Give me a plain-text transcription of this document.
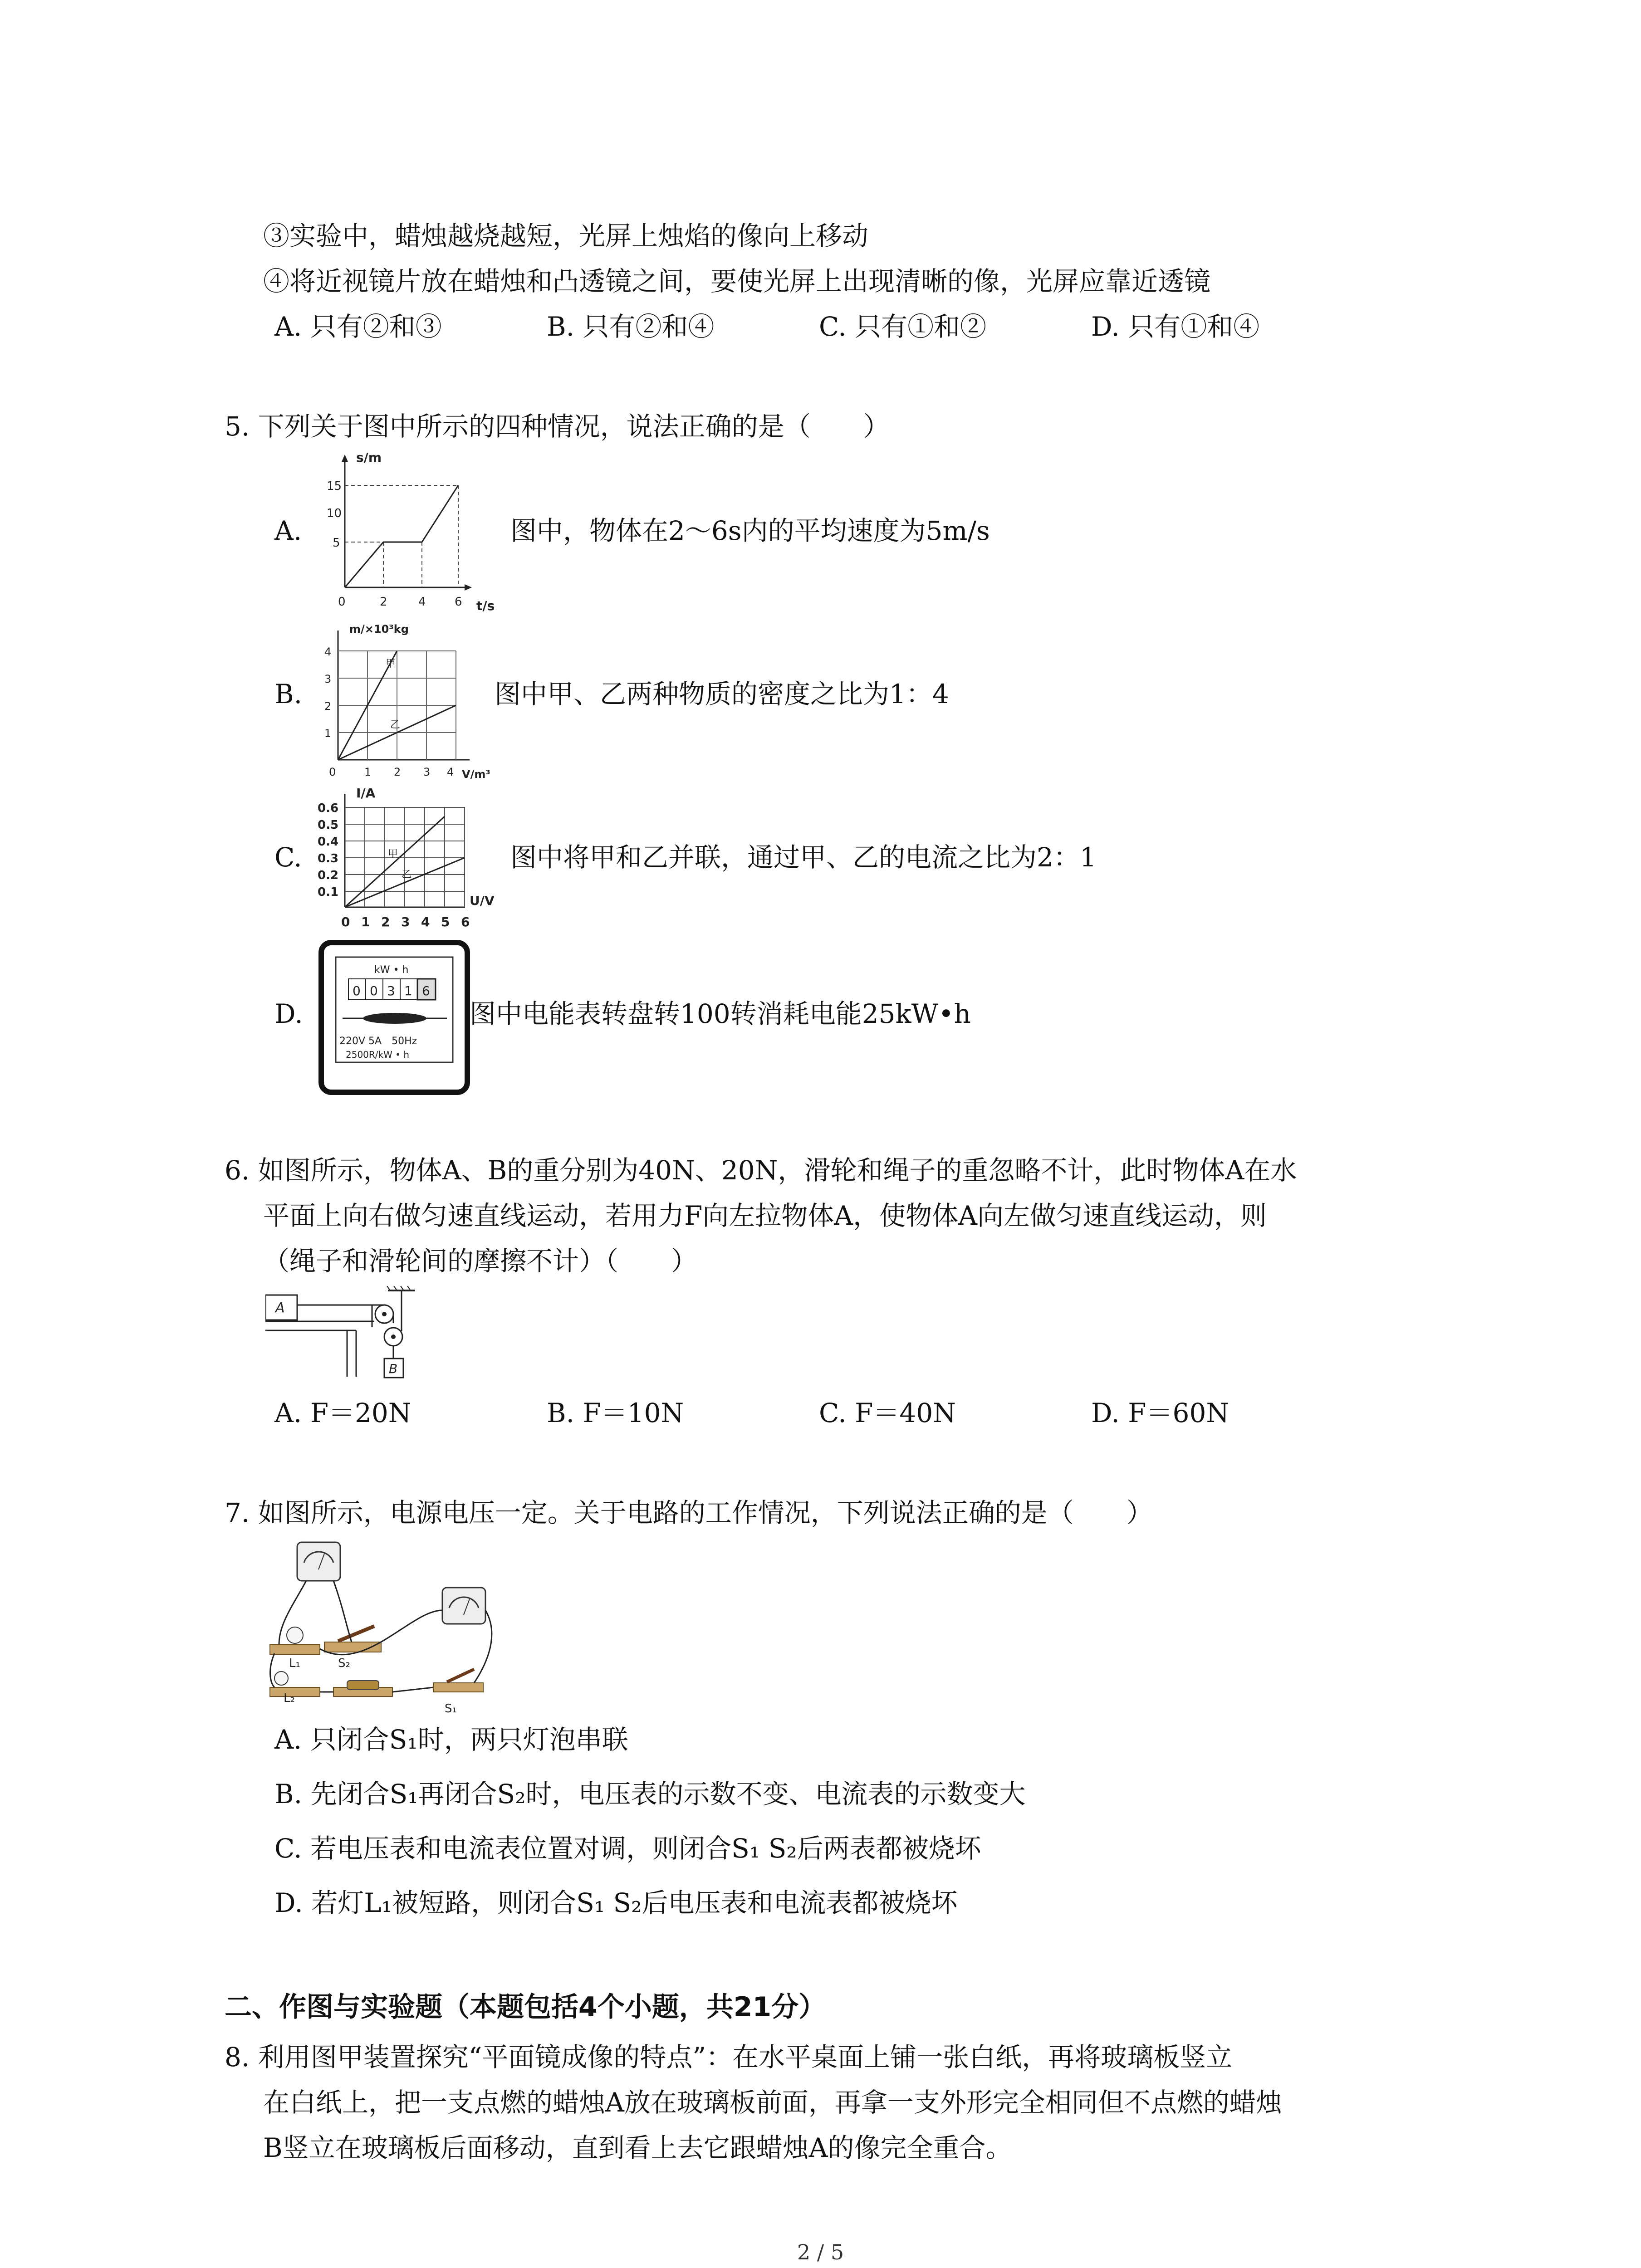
③实验中，蜡烛越烧越短，光屏上烛焰的像向上移动
④将近视镜片放在蜡烛和凸透镜之间，要使光屏上出现清晰的像，光屏应靠近透镜
A. 只有②和③	B. 只有②和④	C. 只有①和②	D. 只有①和④
5. 下列关于图中所示的四种情况，说法正确的是（　　）
A.
s/m
15
10
5
0	2	4 6 t/s
图中，物体在2～6s内的平均速度为5m/s
B.
m/×10³kg
甲
乙
4
3
2
1
0	1 2 3 4 V/m³
图中甲、乙两种物质的密度之比为1：4
C.
I/A
甲
乙
0.6
0.5
0.4
0.3
0.2
0.1
0 1 2 3 4 5 6
U/V
图中将甲和乙并联，通过甲、乙的电流之比为2：1
D.
kW • h
0 0 3 1 6
220V 5A　50Hz
2500R/kW • h
图中电能表转盘转100转消耗电能25kW•h
6. 如图所示，物体A、B的重分别为40N、20N，滑轮和绳子的重忽略不计，此时物体A在水
平面上向右做匀速直线运动，若用力F向左拉物体A，使物体A向左做匀速直线运动，则
（绳子和滑轮间的摩擦不计）（　　）
A
B
A. F＝20N	B. F＝10N	C. F＝40N	D. F＝60N
7. 如图所示，电源电压一定。关于电路的工作情况，下列说法正确的是（　　）
L₁	S₂
L₂
S₁
A. 只闭合S₁时，两只灯泡串联
B. 先闭合S₁再闭合S₂时，电压表的示数不变、电流表的示数变大
C. 若电压表和电流表位置对调，则闭合S₁ S₂后两表都被烧坏
D. 若灯L₁被短路，则闭合S₁ S₂后电压表和电流表都被烧坏
二、作图与实验题（本题包括4个小题，共21分）
8. 利用图甲装置探究“平面镜成像的特点”：在水平桌面上铺一张白纸，再将玻璃板竖立
在白纸上，把一支点燃的蜡烛A放在玻璃板前面，再拿一支外形完全相同但不点燃的蜡烛
B竖立在玻璃板后面移动，直到看上去它跟蜡烛A的像完全重合。
2 / 5
